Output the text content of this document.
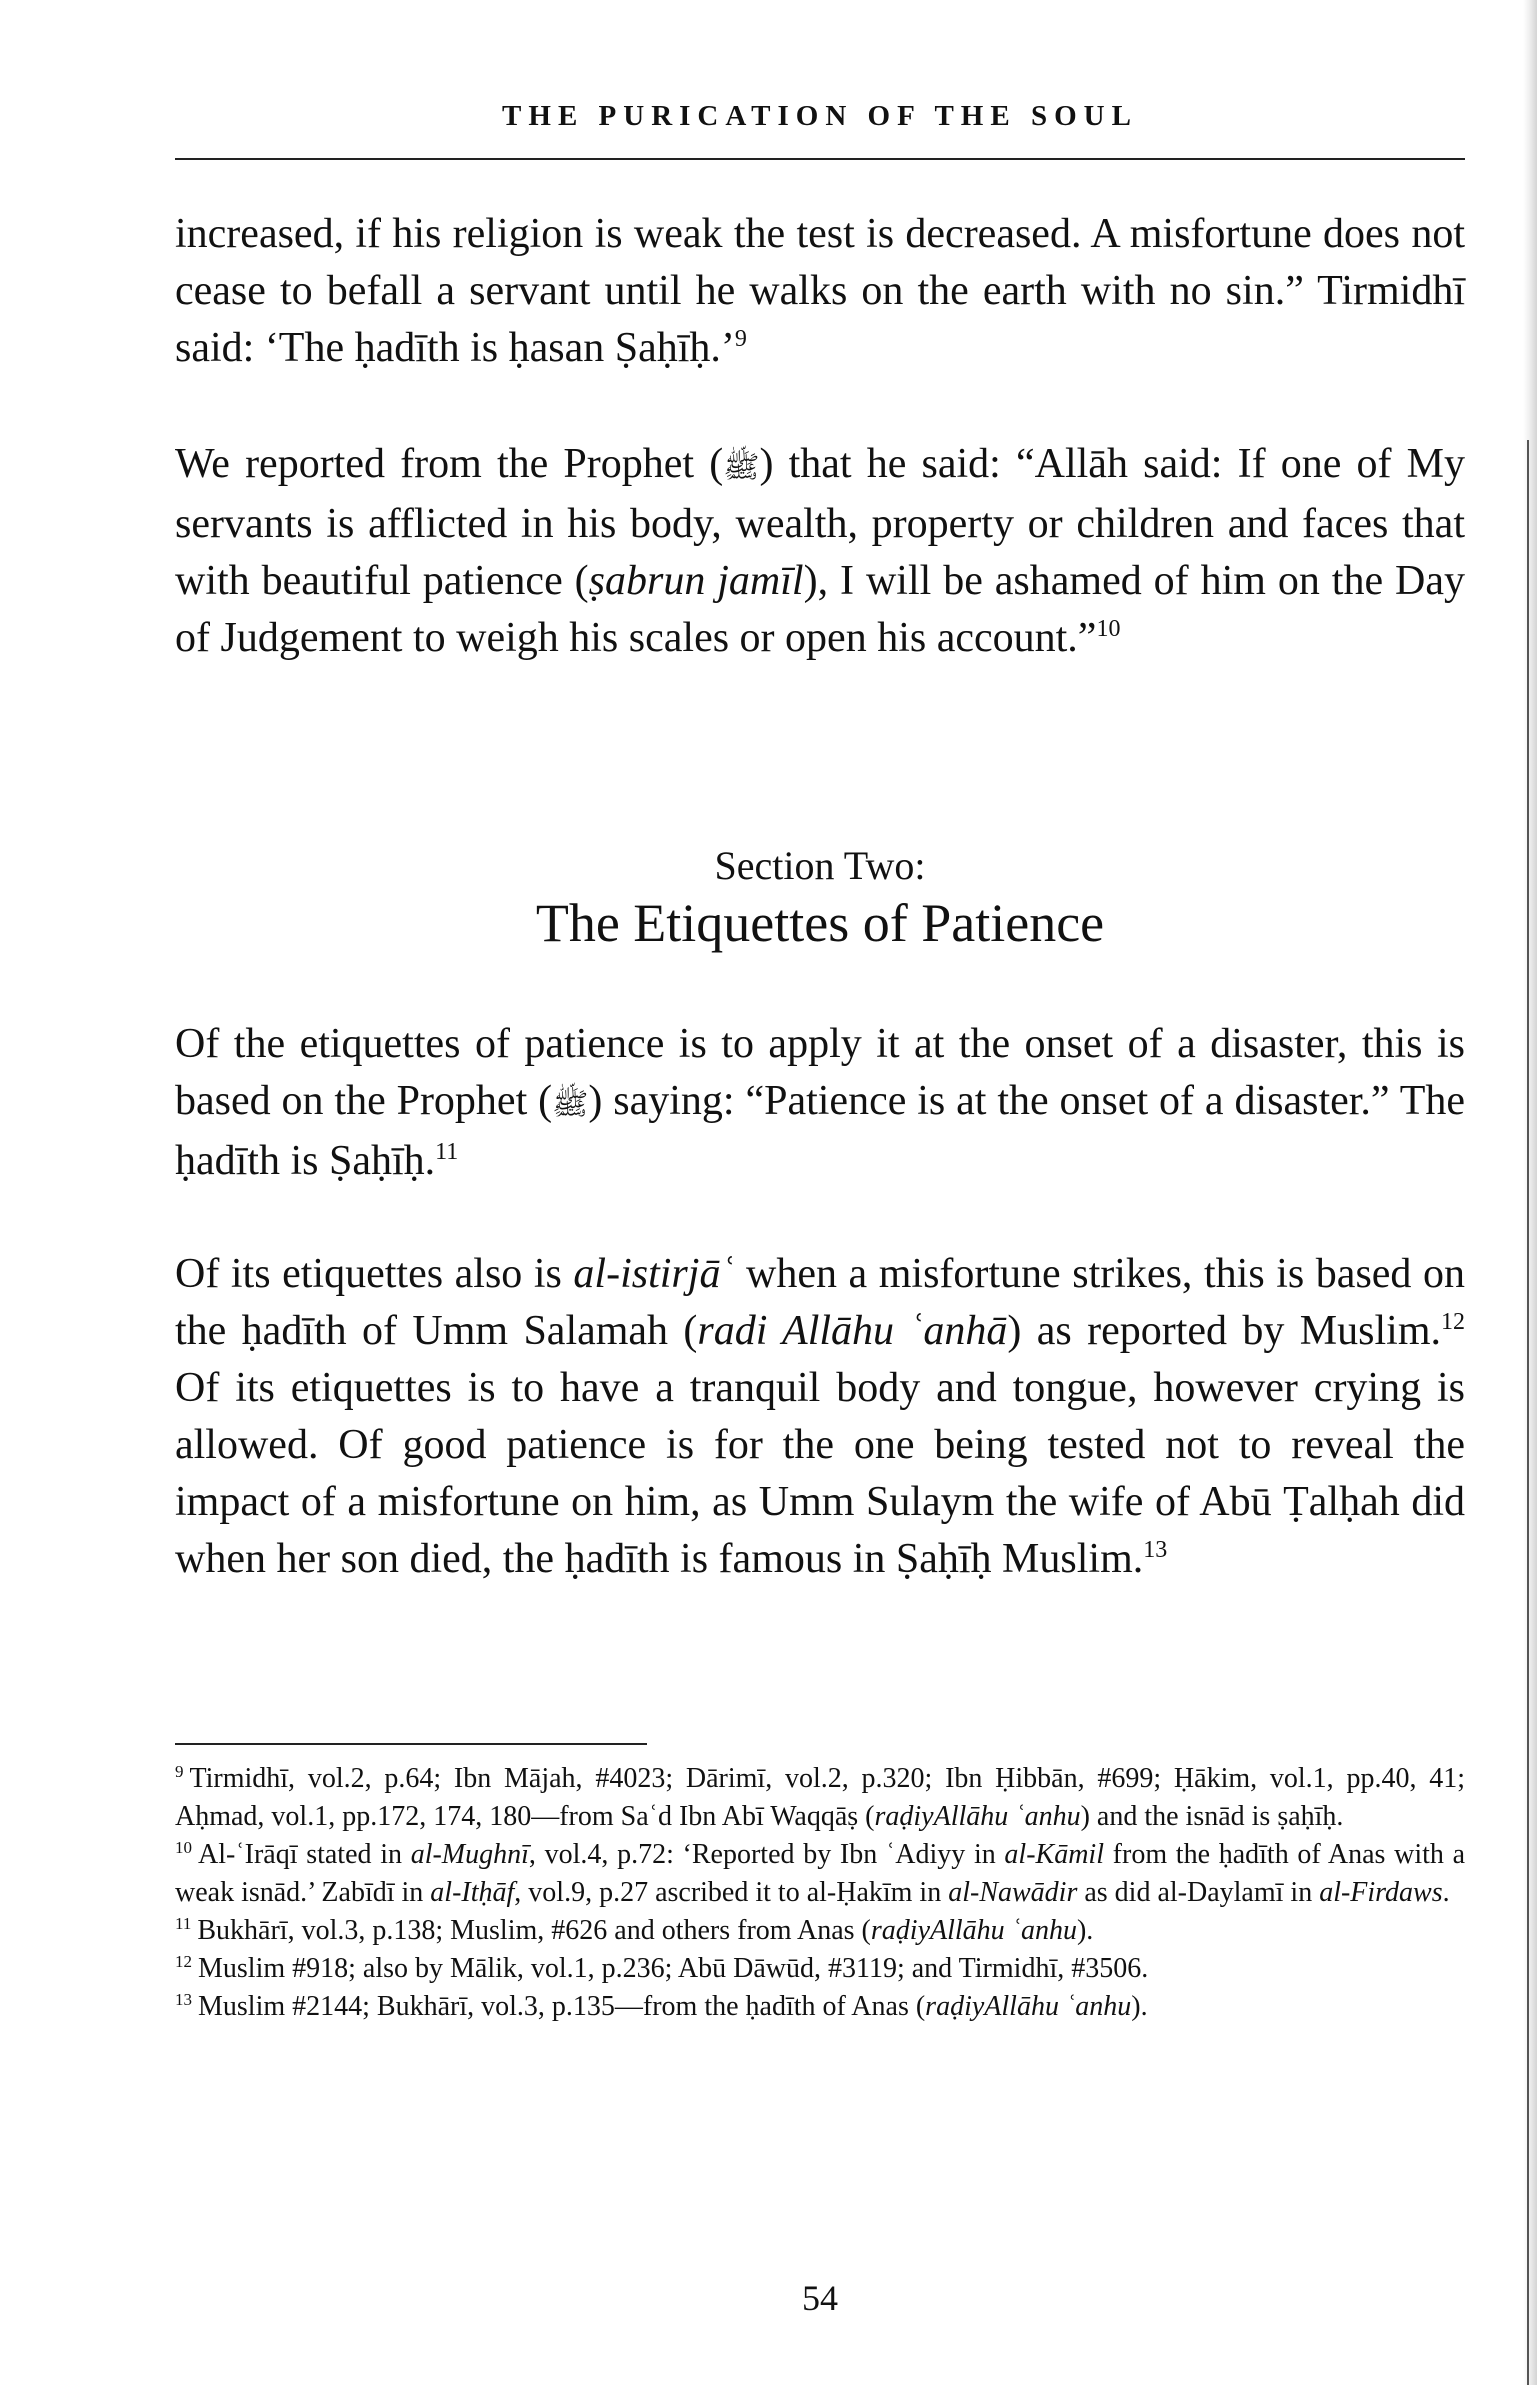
THE PURICATION OF THE SOUL

increased, if his religion is weak the test is decreased. A misfortune does not cease to befall a servant until he walks on the earth with no sin.” Tirmidhī said: ‘The ḥadīth is ḥasan Ṣaḥīḥ.’$^9$

We reported from the Prophet (ﷺ) that he said: “Allāh said: If one of My servants is afflicted in his body, wealth, property or children and faces that with beautiful patience (ṣabrun jamīl), I will be ashamed of him on the Day of Judgement to weigh his scales or open his account.”$^{10}$

Section Two:

The Etiquettes of Patience

Of the etiquettes of patience is to apply it at the onset of a disaster, this is based on the Prophet (ﷺ) saying: “Patience is at the onset of a disaster.” The ḥadīth is Ṣaḥīḥ.$^{11}$

Of its etiquettes also is al-istirjāʿ when a misfortune strikes, this is based on the ḥadīth of Umm Salamah (radi Allāhu ʿanhā) as reported by Muslim.$^{12}$ Of its etiquettes is to have a tranquil body and tongue, however crying is allowed. Of good patience is for the one being tested not to reveal the impact of a misfortune on him, as Umm Sulaym the wife of Abū Ṭalḥah did when her son died, the ḥadīth is famous in Ṣaḥīḥ Muslim.$^{13}$

$^9$ Tirmidhī, vol.2, p.64; Ibn Mājah, #4023; Dārimī, vol.2, p.320; Ibn Ḥibbān, #699; Ḥākim, vol.1, pp.40, 41; Aḥmad, vol.1, pp.172, 174, 180—from Saʿd Ibn Abī Waqqāṣ (raḍiyAllāhu ʿanhu) and the isnād is ṣaḥīḥ.

$^{10}$ Al-ʿIrāqī stated in al-Mughnī, vol.4, p.72: ‘Reported by Ibn ʿAdiyy in al-Kāmil from the ḥadīth of Anas with a weak isnād.’ Zabīdī in al-Itḥāf, vol.9, p.27 ascribed it to al-Ḥakīm in al-Nawādir as did al-Daylamī in al-Firdaws.

$^{11}$ Bukhārī, vol.3, p.138; Muslim, #626 and others from Anas (raḍiyAllāhu ʿanhu).

$^{12}$ Muslim #918; also by Mālik, vol.1, p.236; Abū Dāwūd, #3119; and Tirmidhī, #3506.

$^{13}$ Muslim #2144; Bukhārī, vol.3, p.135—from the ḥadīth of Anas (raḍiyAllāhu ʿanhu).

54
